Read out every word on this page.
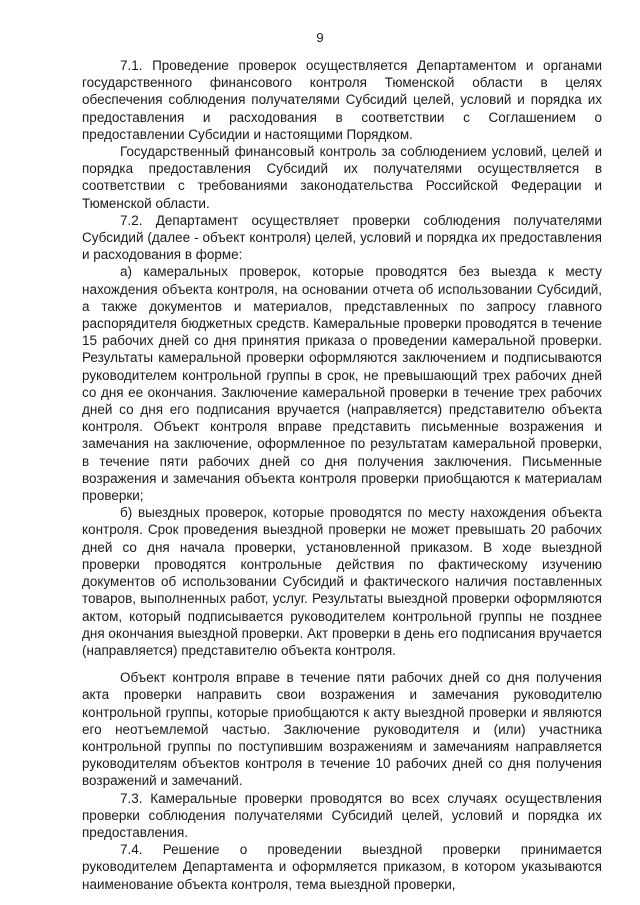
9

7.1. Проведение проверок осуществляется Департаментом и органами государственного финансового контроля Тюменской области в целях обеспечения соблюдения получателями Субсидий целей, условий и порядка их предоставления и расходования в соответствии с Соглашением о предоставлении Субсидии и настоящими Порядком.

Государственный финансовый контроль за соблюдением условий, целей и порядка предоставления Субсидий их получателями осуществляется в соответствии с требованиями законодательства Российской Федерации и Тюменской области.

7.2. Департамент осуществляет проверки соблюдения получателями Субсидий (далее - объект контроля) целей, условий и порядка их предоставления и расходования в форме:

а) камеральных проверок, которые проводятся без выезда к месту нахождения объекта контроля, на основании отчета об использовании Субсидий, а также документов и материалов, представленных по запросу главного распорядителя бюджетных средств. Камеральные проверки проводятся в течение 15 рабочих дней со дня принятия приказа о проведении камеральной проверки. Результаты камеральной проверки оформляются заключением и подписываются руководителем контрольной группы в срок, не превышающий трех рабочих дней со дня ее окончания. Заключение камеральной проверки в течение трех рабочих дней со дня его подписания вручается (направляется) представителю объекта контроля. Объект контроля вправе представить письменные возражения и замечания на заключение, оформленное по результатам камеральной проверки, в течение пяти рабочих дней со дня получения заключения. Письменные возражения и замечания объекта контроля проверки приобщаются к материалам проверки;

б) выездных проверок, которые проводятся по месту нахождения объекта контроля. Срок проведения выездной проверки не может превышать 20 рабочих дней со дня начала проверки, установленной приказом. В ходе выездной проверки проводятся контрольные действия по фактическому изучению документов об использовании Субсидий и фактического наличия поставленных товаров, выполненных работ, услуг. Результаты выездной проверки оформляются актом, который подписывается руководителем контрольной группы не позднее дня окончания выездной проверки. Акт проверки в день его подписания вручается (направляется) представителю объекта контроля.

Объект контроля вправе в течение пяти рабочих дней со дня получения акта проверки направить свои возражения и замечания руководителю контрольной группы, которые приобщаются к акту выездной проверки и являются его неотъемлемой частью. Заключение руководителя и (или) участника контрольной группы по поступившим возражениям и замечаниям направляется руководителям объектов контроля в течение 10 рабочих дней со дня получения возражений и замечаний.

7.3. Камеральные проверки проводятся во всех случаях осуществления проверки соблюдения получателями Субсидий целей, условий и порядка их предоставления.

7.4. Решение о проведении выездной проверки принимается руководителем Департамента и оформляется приказом, в котором указываются наименование объекта контроля, тема выездной проверки,
